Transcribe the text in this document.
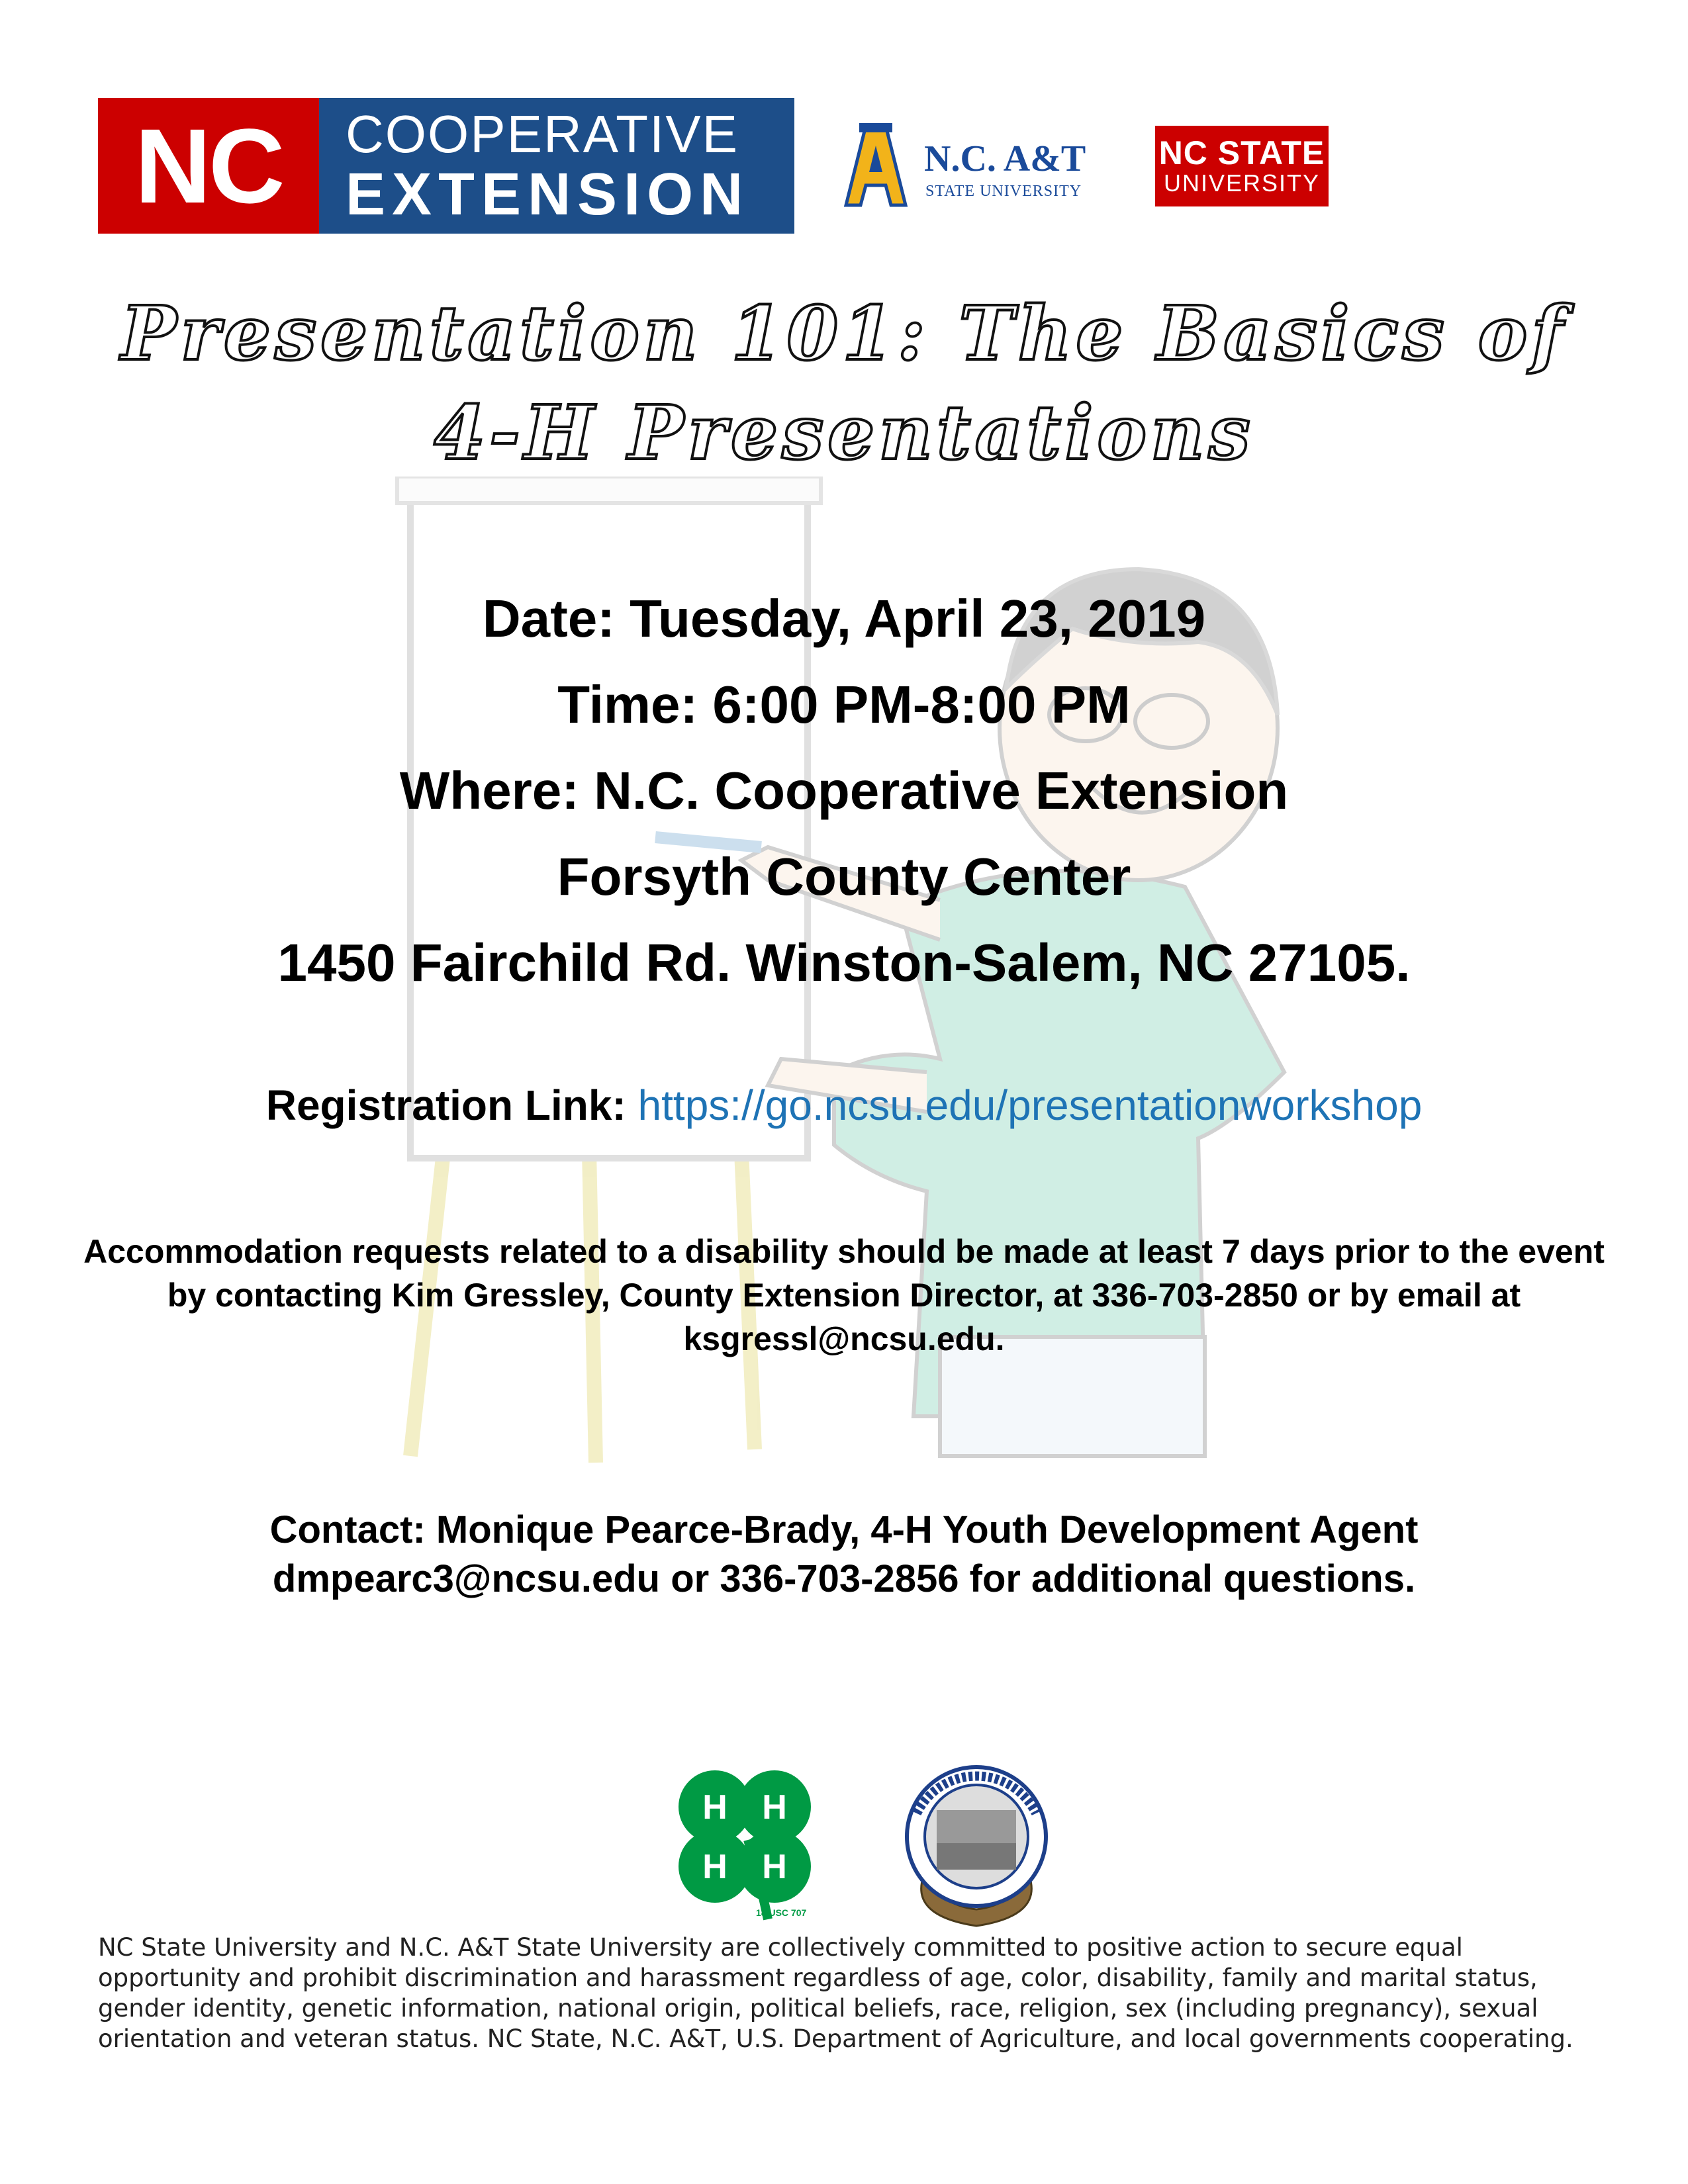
NC	COOPERATIVE
EXTENSION
N.C. A&T
STATE UNIVERSITY
NC STATE
UNIVERSITY
Presentation 101: The Basics of
4-H Presentations
Date: Tuesday, April 23, 2019
Time: 6:00 PM-8:00 PM
Where: N.C. Cooperative Extension
Forsyth County Center
1450 Fairchild Rd. Winston-Salem, NC 27105.
Registration Link: https://go.ncsu.edu/presentationworkshop
Accommodation requests related to a disability should be made at least 7 days prior to the event by contacting Kim Gressley, County Extension Director, at 336-703-2850 or by email at ksgressl@ncsu.edu.
Contact: Monique Pearce-Brady, 4-H Youth Development Agent
dmpearc3@ncsu.edu or 336-703-2856 for additional questions.
H H
H H
18 USC 707
NC State University and N.C. A&T State University are collectively committed to positive action to secure equal opportunity and prohibit discrimination and harassment regardless of age, color, disability, family and marital status, gender identity, genetic information, national origin, political beliefs, race, religion, sex (including pregnancy), sexual orientation and veteran status. NC State, N.C. A&T, U.S. Department of Agriculture, and local governments cooperating.
